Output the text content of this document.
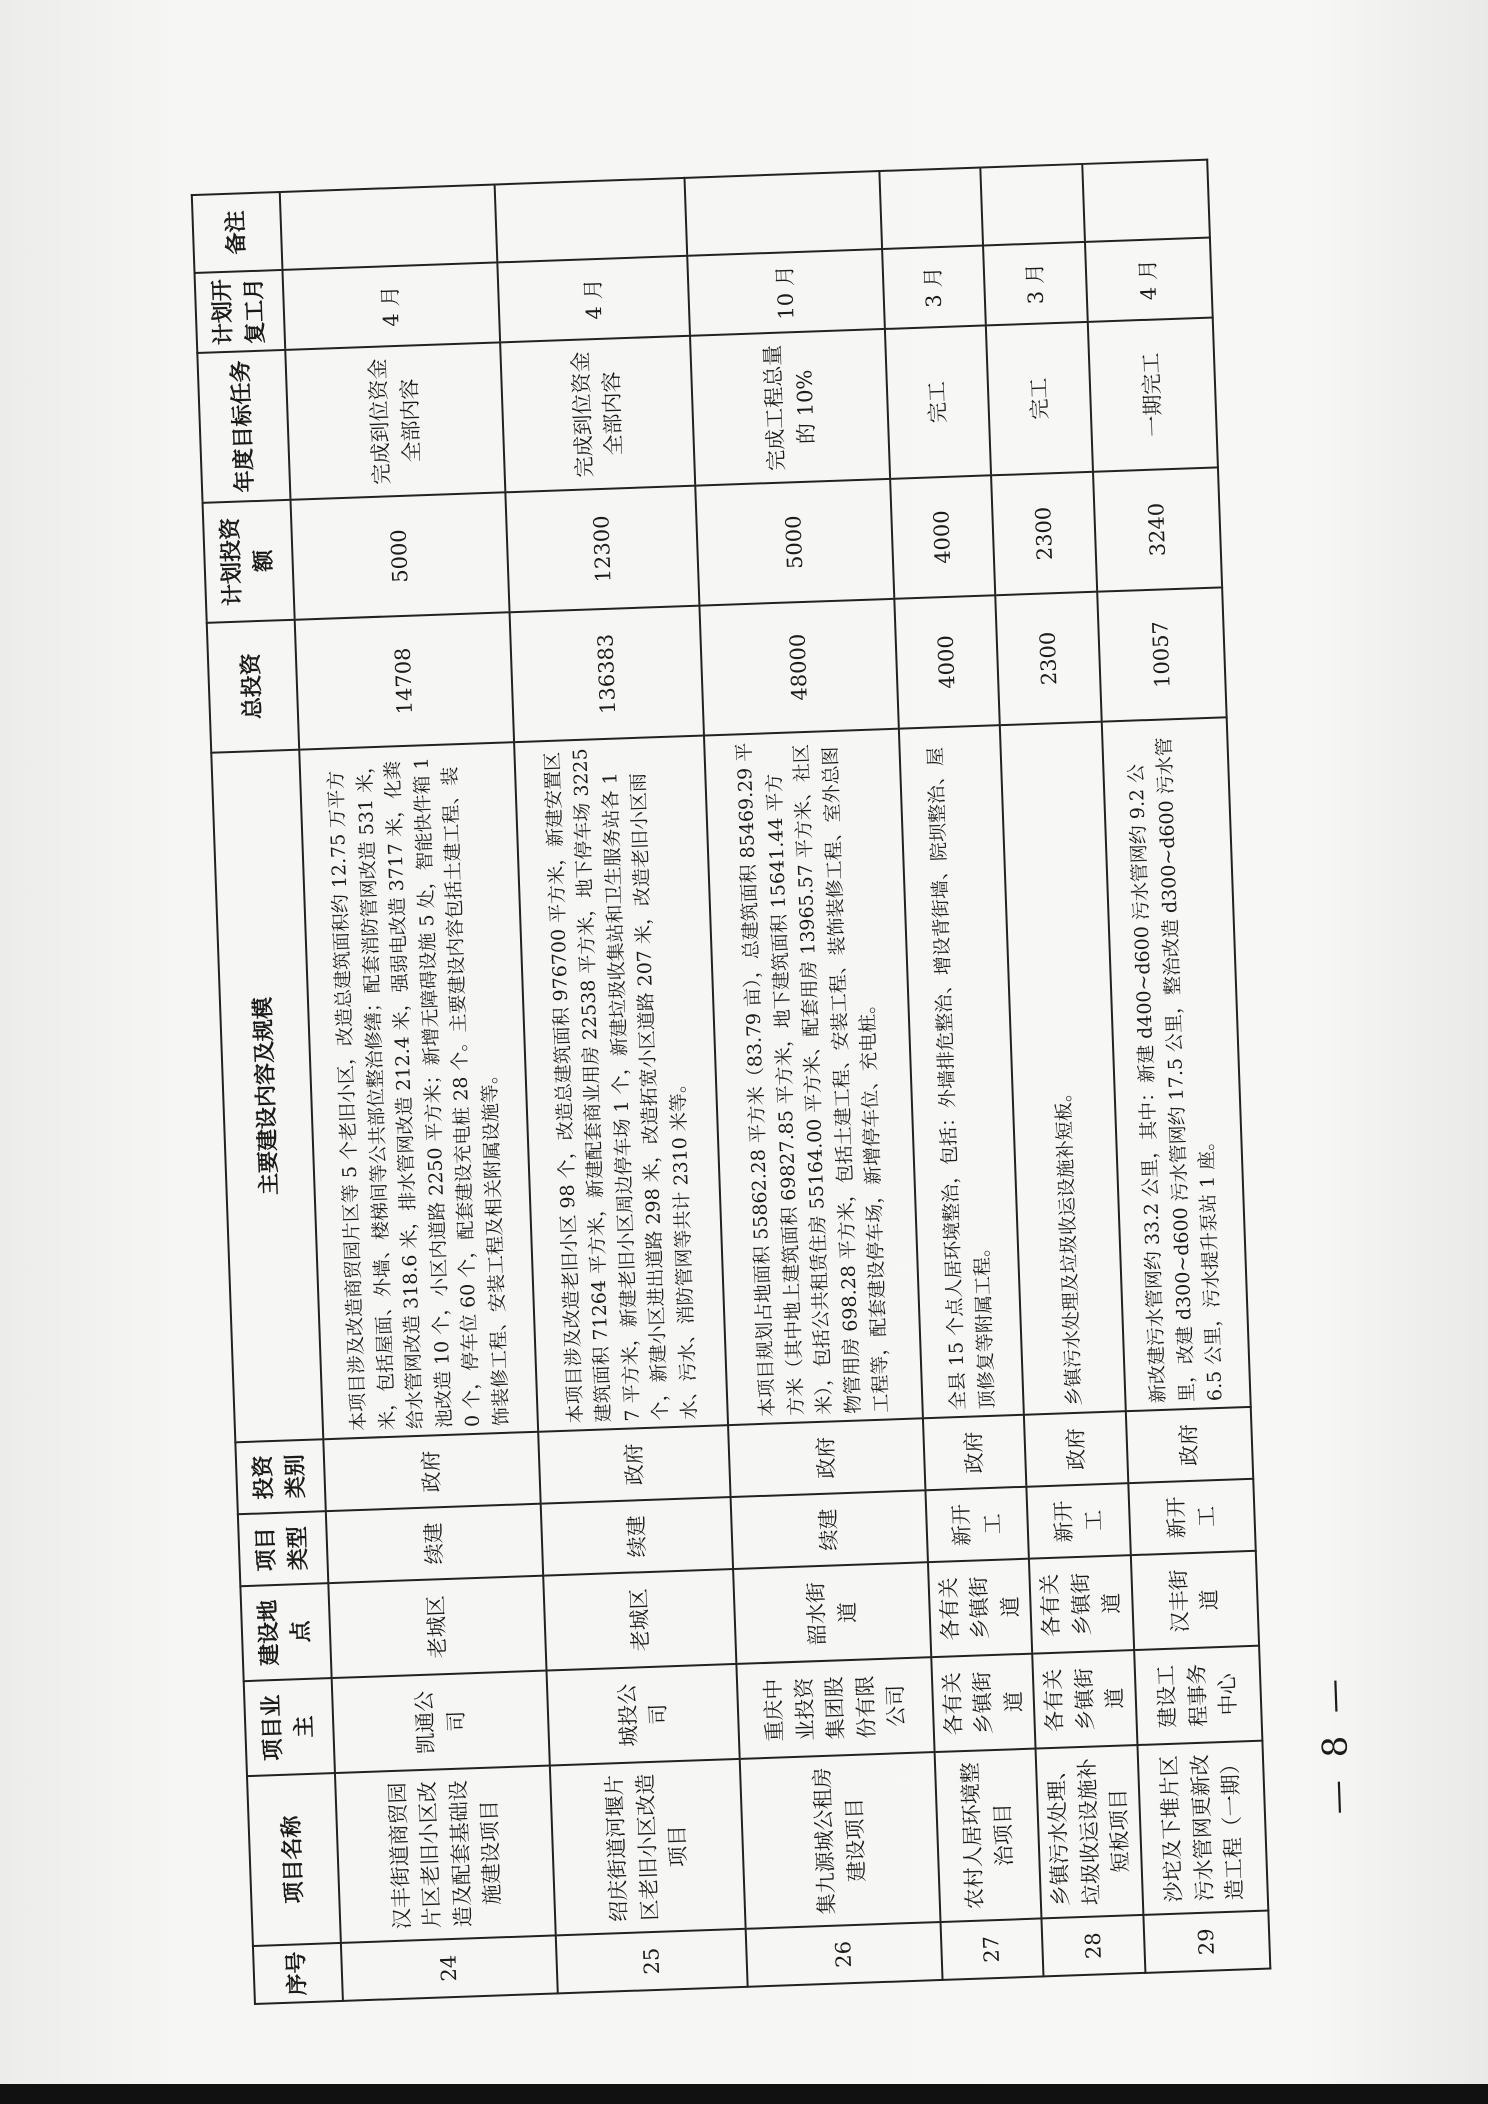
序号	项目名称	项目业主	建设地点	项目类型	投资类别	主要建设内容及规模	总投资	计划投资额	年度目标任务	计划开复工月	备注
24	汉丰街道商贸园片区老旧小区改造及配套基础设施建设项目	凯通公司	老城区	续建	政府	本项目涉及改造商贸园片区等 5 个老旧小区，改造总建筑面积约 12.75 万平方米，包括屋面、外墙、楼梯间等公共部位整治修缮；配套消防管网改造 531 米，给水管网改造 318.6 米，排水管网改造 212.4 米，强弱电改造 3717 米，化粪池改造 10 个，小区内道路 2250 平方米；新增无障碍设施 5 处，智能快件箱 10 个，停车位 60 个，配套建设充电桩 28 个。主要建设内容包括土建工程、装饰装修工程、安装工程及相关附属设施等。	14708	5000	完成到位资金全部内容	4 月	
25	绍庆街道河堰片区老旧小区改造项目	城投公司	老城区	续建	政府	本项目涉及改造老旧小区 98 个，改造总建筑面积 976700 平方米，新建安置区建筑面积 71264 平方米，新建配套商业用房 22538 平方米，地下停车场 32257 平方米，新建老旧小区周边停车场 1 个，新建垃圾收集站和卫生服务站各 1 个，新建小区进出道路 298 米，改造拓宽小区道路 207 米，改造老旧小区雨水、污水、消防管网等共计 2310 米等。	136383	12300	完成到位资金全部内容	4 月	
26	集九源城公租房建设项目	重庆中业投资集团股份有限公司	韶水街道	续建	政府	本项目规划占地面积 55862.28 平方米（83.79 亩），总建筑面积 85469.29 平方米（其中地上建筑面积 69827.85 平方米，地下建筑面积 15641.44 平方米），包括公共租赁住房 55164.00 平方米、配套用房 13965.57 平方米、社区物管用房 698.28 平方米，包括土建工程、安装工程、装饰装修工程、室外总图工程等，配套建设停车场，新增停车位、充电桩。	48000	5000	完成工程总量的 10%	10 月	
27	农村人居环境整治项目	各有关乡镇街道	各有关乡镇街道	新开工	政府	全县 15 个点人居环境整治，包括：外墙排危整治、增设背街墙、院坝整治、屋顶修复等附属工程。	4000	4000	完工	3 月	
28	乡镇污水处理、垃圾收运设施补短板项目	各有关乡镇街道	各有关乡镇街道	新开工	政府	乡镇污水处理及垃圾收运设施补短板。	2300	2300	完工	3 月	
29	沙坨及下堆片区污水管网更新改造工程（一期）	建设工程事务中心	汉丰街道	新开工	政府	新改建污水管网约 33.2 公里，其中：新建 d400~d600 污水管网约 9.2 公里，改建 d300~d600 污水管网约 17.5 公里，整治改造 d300~d600 污水管 6.5 公里，污水提升泵站 1 座。	10057	3240	一期完工	4 月	
— 8 —
